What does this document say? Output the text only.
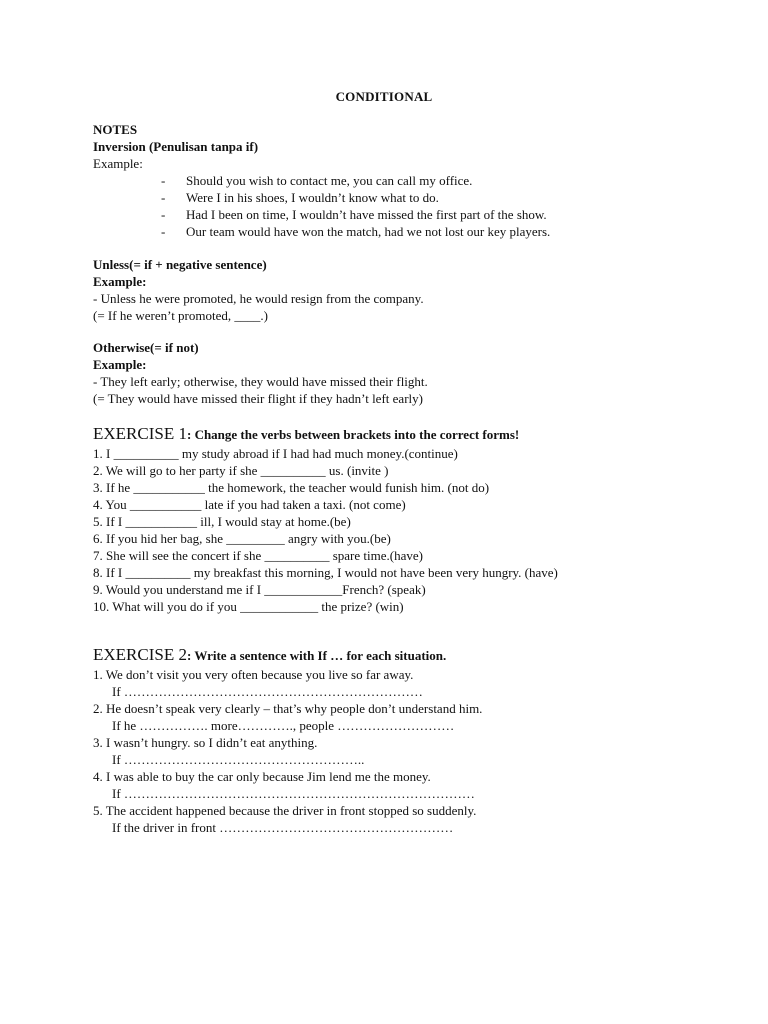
CONDITIONAL
NOTES
Inversion (Penulisan tanpa if)
Example:
- Should you wish to contact me, you can call my office.
- Were I in his shoes, I wouldn’t know what to do.
- Had I been on time, I wouldn’t have missed the first part of the show.
- Our team would have won the match, had we not lost our key players.
Unless(= if + negative sentence)
Example:
- Unless he were promoted, he would resign from the company.
(= If he weren’t promoted, ____.)
Otherwise(= if not)
Example:
- They left early; otherwise, they would have missed their flight.
(= They would have missed their flight if they hadn’t left early)
EXERCISE 1: Change the verbs between brackets into the correct forms!
1. I __________ my study abroad if I had had much money.(continue)
2. We will go to her party if she __________ us. (invite )
3. If he ___________ the homework, the teacher would funish him. (not do)
4. You ___________ late if you had taken a taxi. (not come)
5. If I ___________ ill, I would stay at home.(be)
6. If you hid her bag, she _________ angry with you.(be)
7. She will see the concert if she __________ spare time.(have)
8. If I __________ my breakfast this morning, I would not have been very hungry. (have)
9. Would you understand me if I ____________French? (speak)
10. What will you do if you ____________ the prize? (win)
EXERCISE 2: Write a sentence with If … for each situation.
1. We don’t visit you very often because you live so far away.
If ……………………………………………………………
2. He doesn’t speak very clearly – that’s why people don’t understand him.
If he ……………. more…………., people ………………………
3. I wasn’t hungry. so I didn’t eat anything.
If ………………………………………………..
4. I was able to buy the car only because Jim lend me the money.
If ………………………………………………………………………
5. The accident happened because the driver in front stopped so suddenly.
If the driver in front ………………………………………………
